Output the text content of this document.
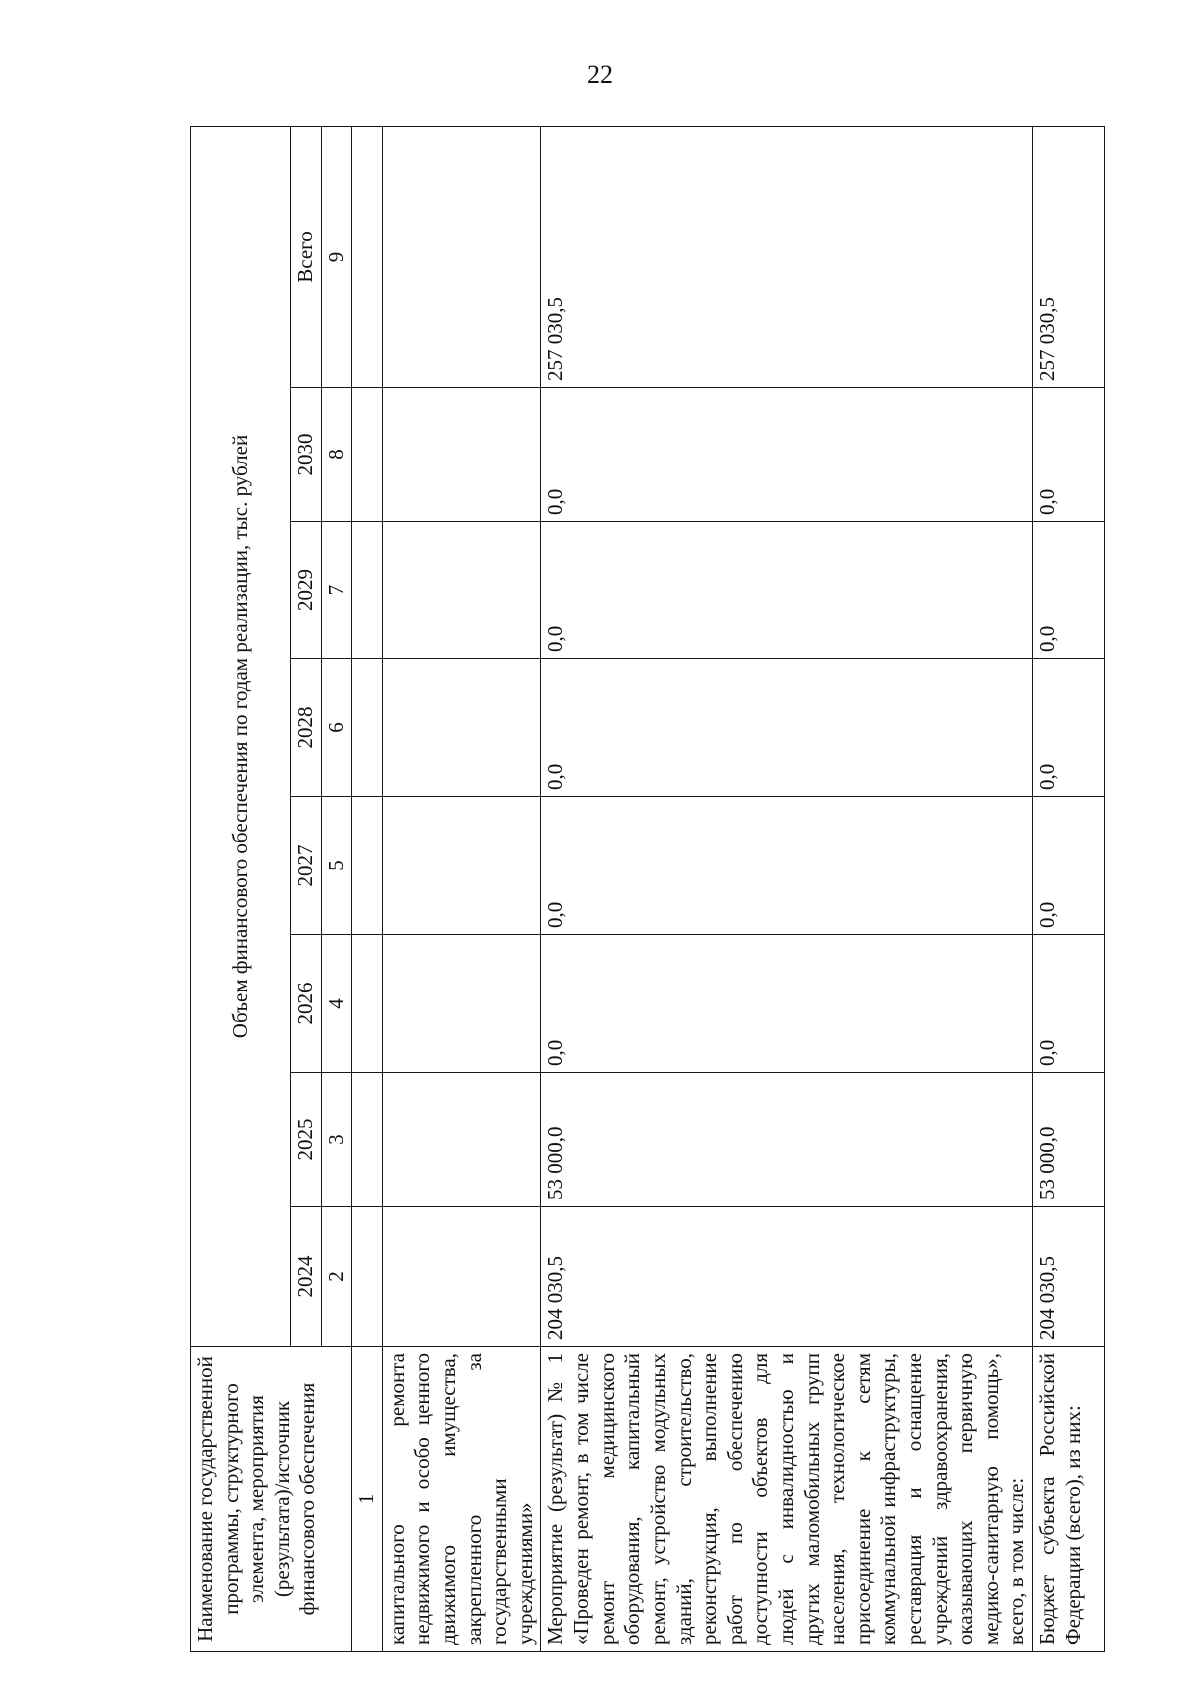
22
Наименование государственной программы, структурного элемента, мероприятия (результата)/источник финансового обеспечения	Объем финансового обеспечения по годам реализации, тыс. рублей							
	2024	2025	2026	2027	2028	2029	2030	Всего
	2	3	4	5	6	7	8	9
1								
капитального ремонта недвижимого и особо ценного движимого имущества, закрепленного за государственными учреждениями»								
Мероприятие (результат) № 1 «Проведен ремонт, в том числе ремонт медицинского оборудования, капитальный ремонт, устройство модульных зданий, строительство, реконструкция, выполнение работ по обеспечению доступности объектов для людей с инвалидностью и других маломобильных групп населения, технологическое присоединение к сетям коммунальной инфраструктуры, реставрация и оснащение учреждений здравоохранения, оказывающих первичную медико-санитарную помощь», всего, в том числе:	204 030,5	53 000,0	0,0	0,0	0,0	0,0	0,0	257 030,5
Бюджет субъекта Российской Федерации (всего), из них:	204 030,5	53 000,0	0,0	0,0	0,0	0,0	0,0	257 030,5
